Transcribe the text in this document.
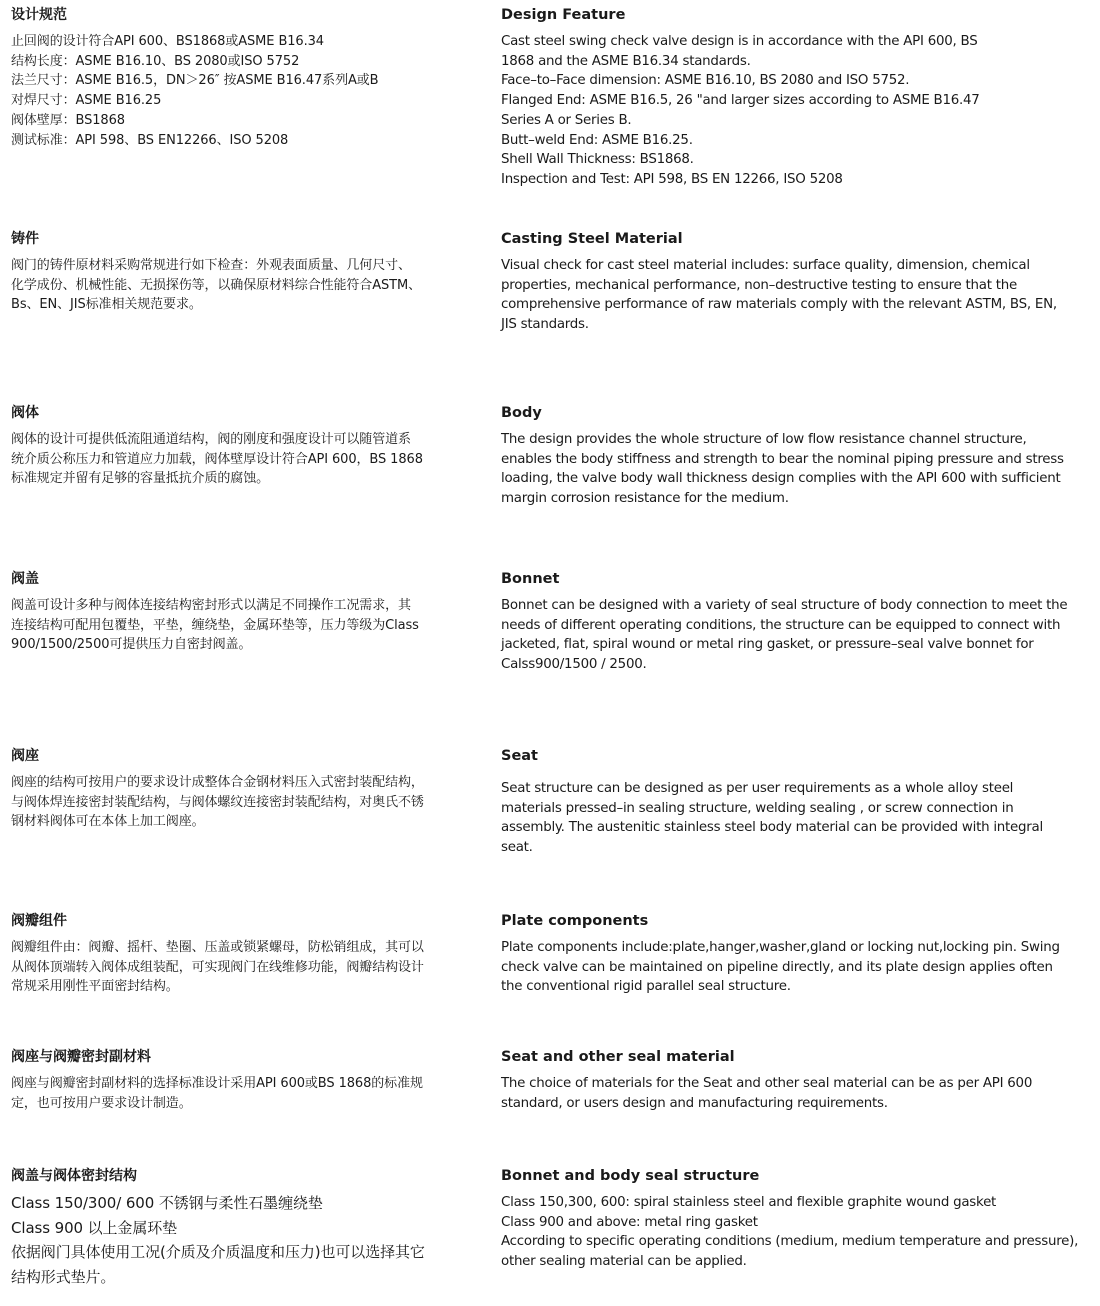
设计规范

止回阀的设计符合API 600、BS1868或ASME B16.34

结构长度：ASME B16.10、BS 2080或ISO 5752

法兰尺寸：ASME B16.5，DN＞26″ 按ASME B16.47系列A或B

对焊尺寸：ASME B16.25

阀体壁厚：BS1868

测试标准：API 598、BS EN12266、ISO 5208

Design Feature

Cast steel swing check valve design is in accordance with the API 600, BS

1868 and the ASME B16.34 standards.

Face–to–Face dimension: ASME B16.10, BS 2080 and ISO 5752.

Flanged End: ASME B16.5, 26 "and larger sizes according to ASME B16.47

Series A or Series B.

Butt–weld End: ASME B16.25.

Shell Wall Thickness: BS1868.

Inspection and Test: API 598, BS EN 12266, ISO 5208

铸件

阀门的铸件原材料采购常规进行如下检查：外观表面质量、几何尺寸、

化学成份、机械性能、无损探伤等，以确保原材料综合性能符合ASTM、

Bs、EN、JIS标准相关规范要求。

Casting Steel Material

Visual check for cast steel material includes: surface quality, dimension, chemical

properties, mechanical performance, non–destructive testing to ensure that the

comprehensive performance of raw materials comply with the relevant ASTM, BS, EN,

JIS standards.

阀体

阀体的设计可提供低流阻通道结构，阀的刚度和强度设计可以随管道系

统介质公称压力和管道应力加载，阀体壁厚设计符合API 600，BS 1868

标准规定并留有足够的容量抵抗介质的腐蚀。

Body

The design provides the whole structure of low flow resistance channel structure,

enables the body stiffness and strength to bear the nominal piping pressure and stress

loading, the valve body wall thickness design complies with the API 600 with sufficient

margin corrosion resistance for the medium.

阀盖

阀盖可设计多种与阀体连接结构密封形式以满足不同操作工况需求，其

连接结构可配用包覆垫，平垫，缠绕垫，金属环垫等，压力等级为Class

900/1500/2500可提供压力自密封阀盖。

Bonnet

Bonnet can be designed with a variety of seal structure of body connection to meet the

needs of different operating conditions, the structure can be equipped to connect with

jacketed, flat, spiral wound or metal ring gasket, or pressure–seal valve bonnet for

Calss900/1500 / 2500.

阀座

阀座的结构可按用户的要求设计成整体合金钢材料压入式密封装配结构，

与阀体焊连接密封装配结构，与阀体螺纹连接密封装配结构，对奥氏不锈

钢材料阀体可在本体上加工阀座。

Seat

Seat structure can be designed as per user requirements as a whole alloy steel

materials pressed–in sealing structure, welding sealing , or screw connection in

assembly. The austenitic stainless steel body material can be provided with integral

seat.

阀瓣组件

阀瓣组件由：阀瓣、摇杆、垫圈、压盖或锁紧螺母，防松销组成，其可以

从阀体顶端转入阀体成组装配，可实现阀门在线维修功能，阀瓣结构设计

常规采用刚性平面密封结构。

Plate components

Plate components include:plate,hanger,washer,gland or locking nut,locking pin. Swing

check valve can be maintained on pipeline directly, and its plate design applies often

the conventional rigid parallel seal structure.

阀座与阀瓣密封副材料

阀座与阀瓣密封副材料的选择标准设计采用API 600或BS 1868的标准规

定，也可按用户要求设计制造。

Seat and other seal material

The choice of materials for the Seat and other seal material can be as per API 600

standard, or users design and manufacturing requirements.

阀盖与阀体密封结构

Class 150/300/ 600 不锈钢与柔性石墨缠绕垫

Class 900 以上金属环垫

依据阀门具体使用工况(介质及介质温度和压力)也可以选择其它

结构形式垫片。

Bonnet and body seal structure

Class 150,300, 600: spiral stainless steel and flexible graphite wound gasket

Class 900 and above: metal ring gasket

According to specific operating conditions (medium, medium temperature and pressure),

other sealing material can be applied.
